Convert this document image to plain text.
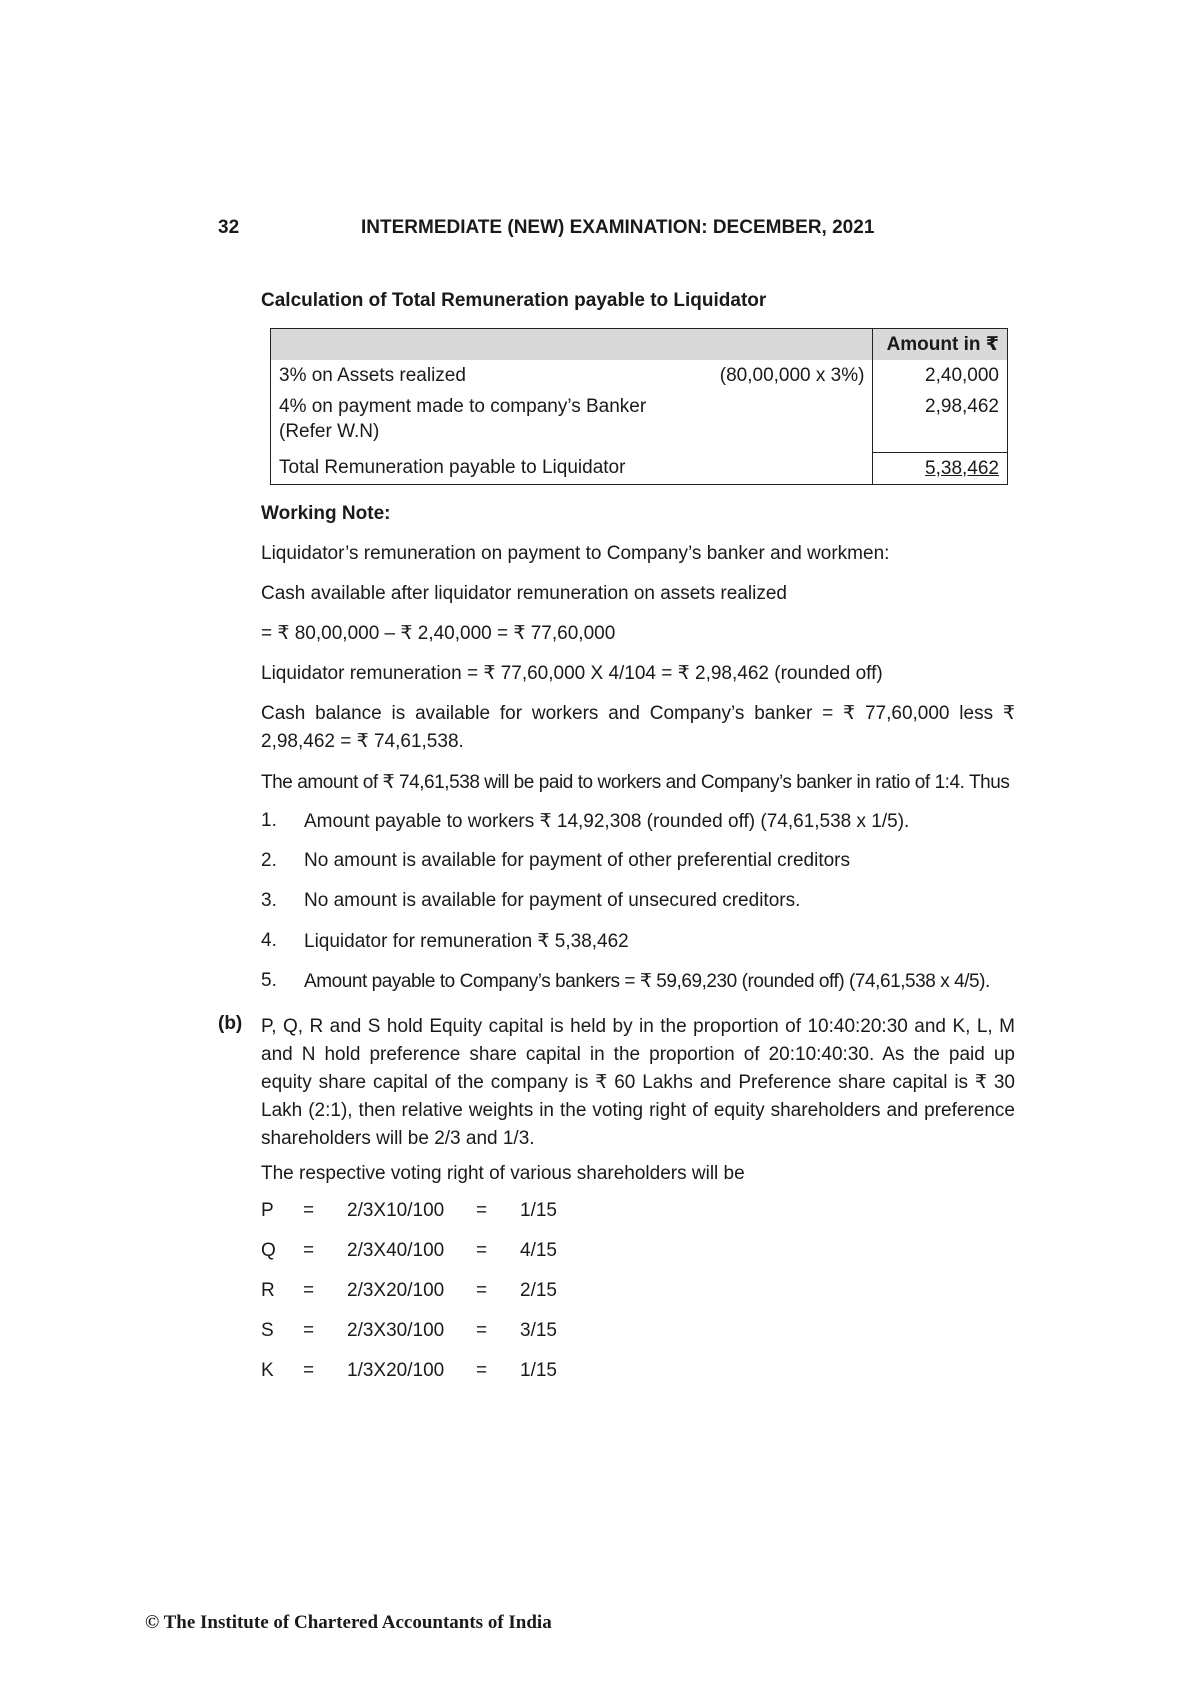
32	INTERMEDIATE (NEW) EXAMINATION: DECEMBER, 2021
Calculation of Total Remuneration payable to Liquidator
		Amount in ₹
3% on Assets realized	(80,00,000 x 3%)	2,40,000
4% on payment made to company’s Banker (Refer W.N)		2,98,462
Total Remuneration payable to Liquidator		5,38,462
Working Note:
Liquidator’s remuneration on payment to Company’s banker and workmen:
Cash available after liquidator remuneration on assets realized
= ₹ 80,00,000 – ₹ 2,40,000 = ₹ 77,60,000
Liquidator remuneration = ₹ 77,60,000 X 4/104 = ₹ 2,98,462 (rounded off)
Cash balance is available for workers and Company’s banker = ₹ 77,60,000 less ₹ 2,98,462 = ₹ 74,61,538.
The amount of ₹ 74,61,538 will be paid to workers and Company’s banker in ratio of 1:4. Thus
1. Amount payable to workers ₹ 14,92,308 (rounded off) (74,61,538 x 1/5).
2. No amount is available for payment of other preferential creditors
3. No amount is available for payment of unsecured creditors.
4. Liquidator for remuneration ₹ 5,38,462
5. Amount payable to Company’s bankers = ₹ 59,69,230 (rounded off) (74,61,538 x 4/5).
(b) P, Q, R and S hold Equity capital is held by in the proportion of 10:40:20:30 and K, L, M and N hold preference share capital in the proportion of 20:10:40:30. As the paid up equity share capital of the company is ₹ 60 Lakhs and Preference share capital is ₹ 30 Lakh (2:1), then relative weights in the voting right of equity shareholders and preference shareholders will be 2/3 and 1/3.
The respective voting right of various shareholders will be
P = 2/3X10/100 = 1/15
Q = 2/3X40/100 = 4/15
R = 2/3X20/100 = 2/15
S = 2/3X30/100 = 3/15
K = 1/3X20/100 = 1/15
© The Institute of Chartered Accountants of India
